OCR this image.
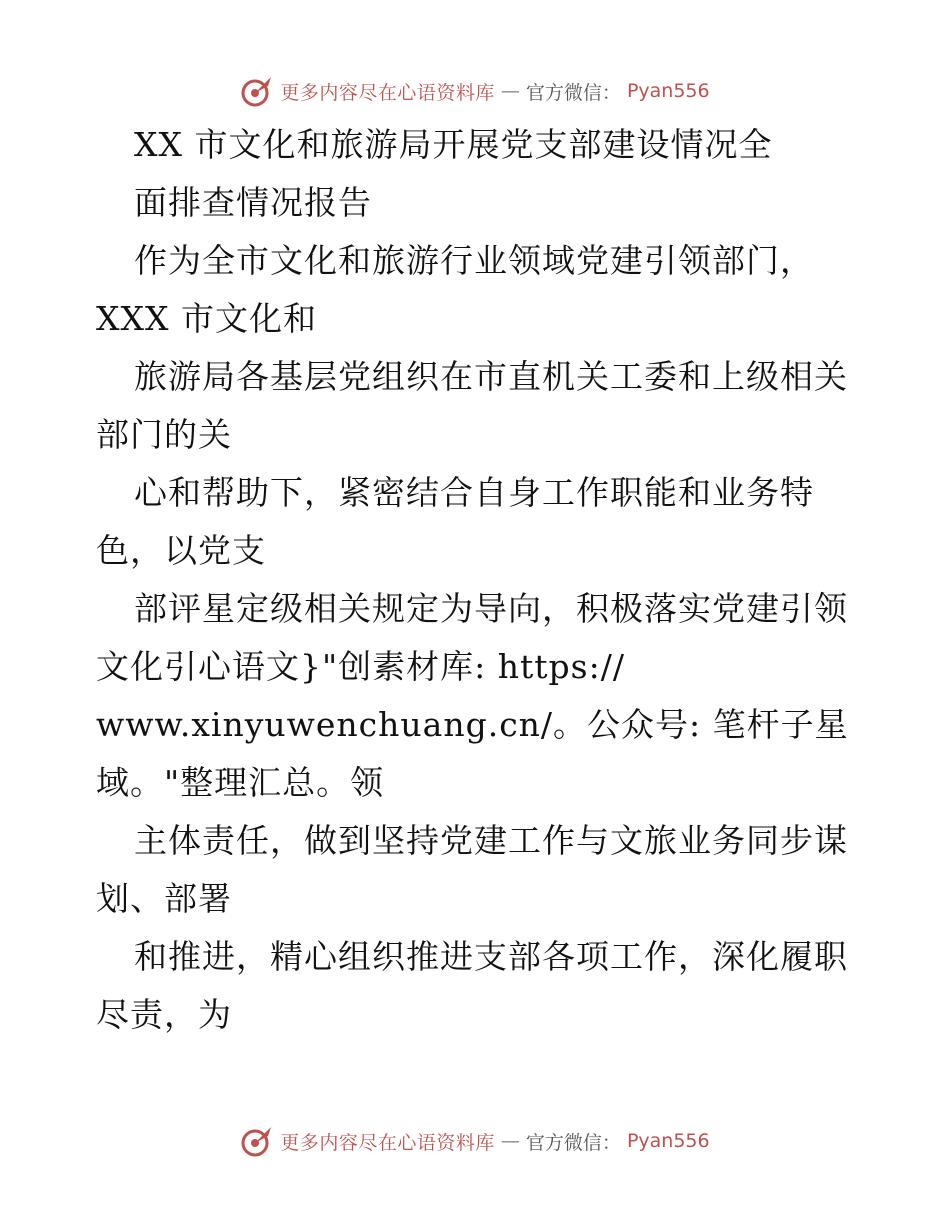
更多内容尽在心语资料库 — 官方微信： Pyan556
XX 市文化和旅游局开展党支部建设情况全
面排查情况报告
作为全市文化和旅游行业领域党建引领部门，
XXX 市文化和
旅游局各基层党组织在市直机关工委和上级相关
部门的关
心和帮助下，紧密结合自身工作职能和业务特
色，以党支
部评星定级相关规定为导向，积极落实党建引领
文化引心语文}"创素材库: https://
www.xinyuwenchuang.cn/。公众号: 笔杆子星
域。"整理汇总。领
主体责任，做到坚持党建工作与文旅业务同步谋
划、部署
和推进，精心组织推进支部各项工作，深化履职
尽责，为
更多内容尽在心语资料库 — 官方微信： Pyan556
